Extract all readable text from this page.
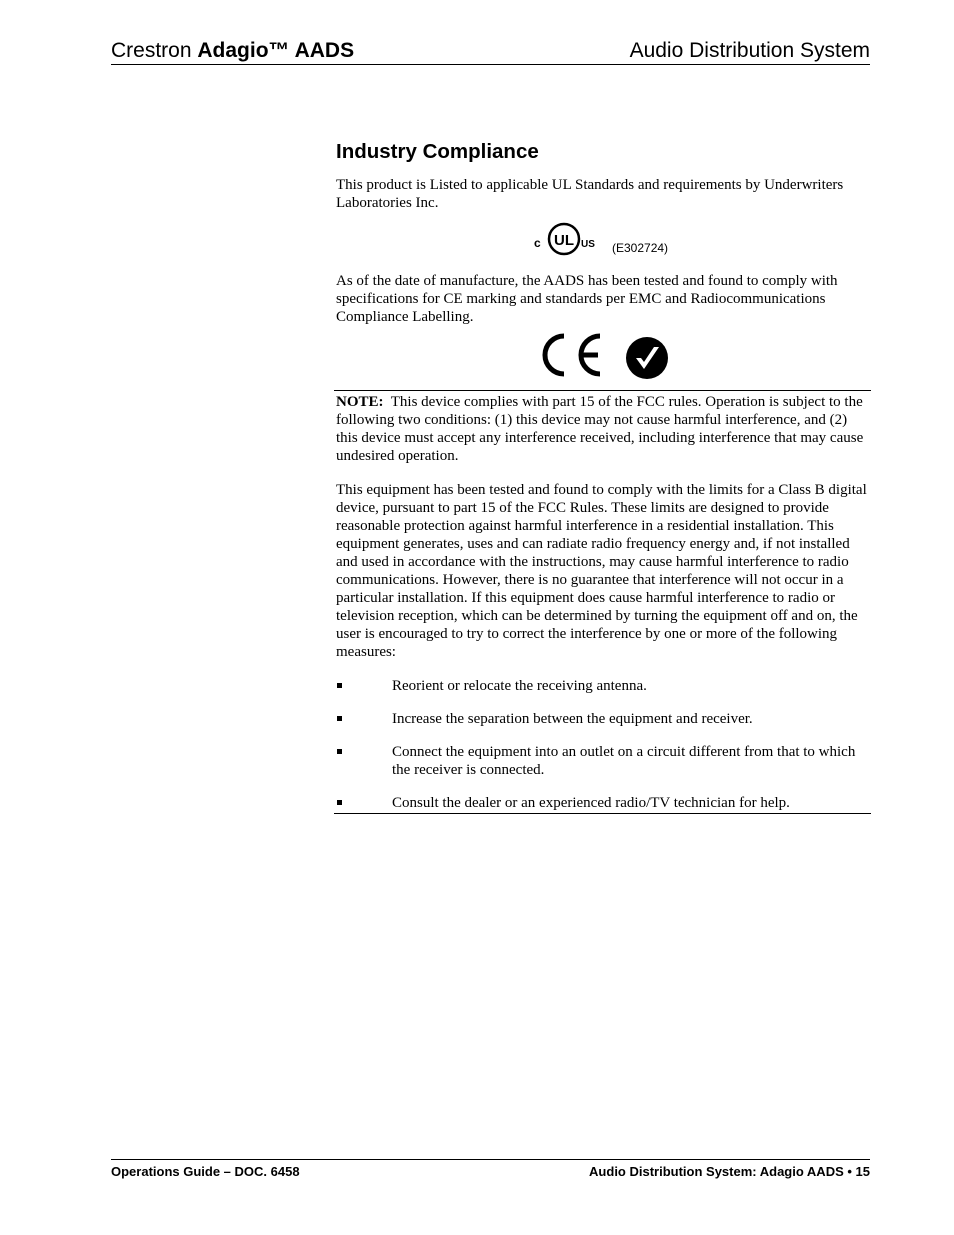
Crestron Adagio™ AADS	Audio Distribution System
Industry Compliance

This product is Listed to applicable UL Standards and requirements by Underwriters Laboratories Inc.

c UL US (E302724)

As of the date of manufacture, the AADS has been tested and found to comply with specifications for CE marking and standards per EMC and Radiocommunications Compliance Labelling.

NOTE: This device complies with part 15 of the FCC rules. Operation is subject to the following two conditions: (1) this device may not cause harmful interference, and (2) this device must accept any interference received, including interference that may cause undesired operation.

This equipment has been tested and found to comply with the limits for a Class B digital device, pursuant to part 15 of the FCC Rules. These limits are designed to provide reasonable protection against harmful interference in a residential installation. This equipment generates, uses and can radiate radio frequency energy and, if not installed and used in accordance with the instructions, may cause harmful interference to radio communications. However, there is no guarantee that interference will not occur in a particular installation. If this equipment does cause harmful interference to radio or television reception, which can be determined by turning the equipment off and on, the user is encouraged to try to correct the interference by one or more of the following measures:

Reorient or relocate the receiving antenna.
Increase the separation between the equipment and receiver.
Connect the equipment into an outlet on a circuit different from that to which the receiver is connected.
Consult the dealer or an experienced radio/TV technician for help.
Operations Guide – DOC. 6458	Audio Distribution System: Adagio AADS • 15
